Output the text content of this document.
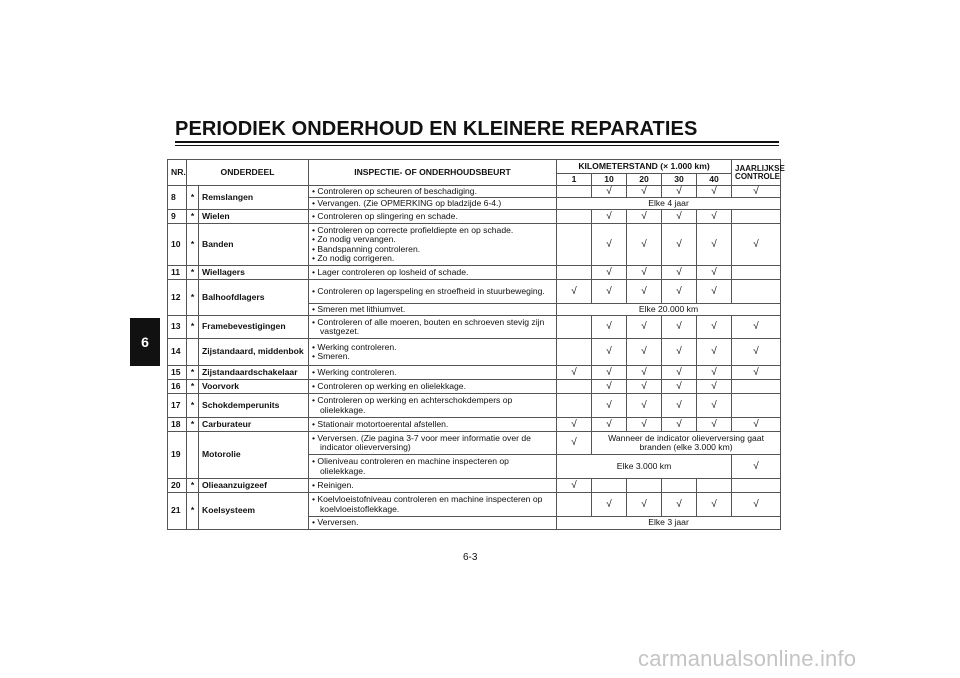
PERIODIEK ONDERHOUD EN KLEINERE REPARATIES
6
NR.	ONDERDEEL		INSPECTIE- OF ONDERHOUDSBEURT	KILOMETERSTAND (× 1.000 km)					JAARLIJKSE CONTROLE
				1	10	20	30	40	
8	*	Remslangen	• Controleren op scheuren of beschadiging.		√	√	√	√	√

			• Vervangen. (Zie OPMERKING op bladzijde 6-4.)	Elke 4 jaar					
9	*	Wielen	• Controleren op slingering en schade.		√	√	√	√	
10	*	Banden	• Controleren op correcte profieldiepte en op schade.
• Zo nodig vervangen.
• Bandspanning controleren.
• Zo nodig corrigeren.		√	√	√	√	√
11	*	Wiellagers	• Lager controleren op losheid of schade.		√	√	√	√	
12	*	Balhoofdlagers	• Controleren op lagerspeling en stroefheid in stuurbeweging.	√	√	√	√	√	

			• Smeren met lithiumvet.	Elke 20.000 km					
13	*	Framebevestigingen	• Controleren of alle moeren, bouten en schroeven stevig zijn vastgezet.		√	√	√	√	√
14		Zijstandaard, middenbok	• Werking controleren.
• Smeren.		√	√	√	√	√
15	*	Zijstandaardschakelaar	• Werking controleren.	√	√	√	√	√	√
16	*	Voorvork	• Controleren op werking en olielekkage.		√	√	√	√	
17	*	Schokdemperunits	• Controleren op werking en achterschokdempers op olielekkage.		√	√	√	√	
18	*	Carburateur	• Stationair motortoerental afstellen.	√	√	√	√	√	√
19		Motorolie	• Verversen. (Zie pagina 3-7 voor meer informatie over de indicator olieverversing)	√	Wanneer de indicator olieverversing gaat branden (elke 3.000 km)				

			• Olieniveau controleren en machine inspecteren op olielekkage.	Elke 3.000 km					√
20	*	Olieaanzuigzeef	• Reinigen.	√					
21	*	Koelsysteem	• Koelvloeistofniveau controleren en machine inspecteren op koelvloeistoflekkage.		√	√	√	√	√

			• Verversen.	Elke 3 jaar					
6-3
carmanualsonline.info
